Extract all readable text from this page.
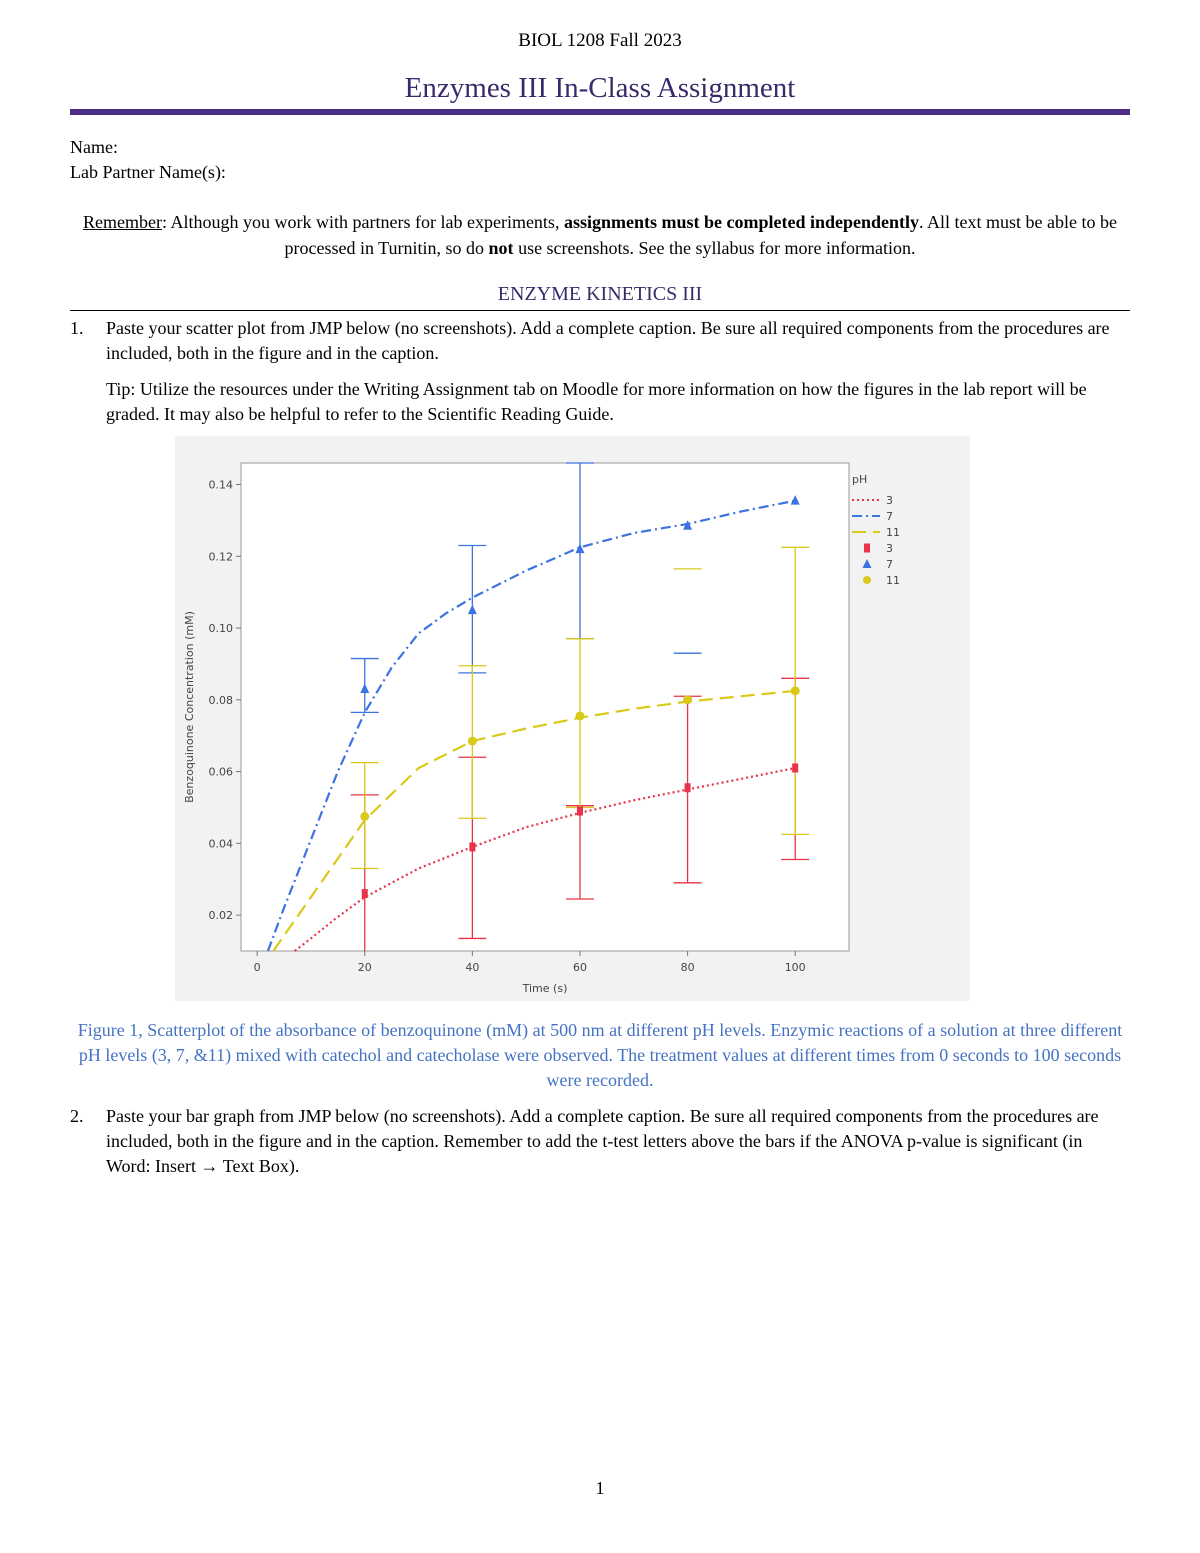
BIOL 1208 Fall 2023
Enzymes III In-Class Assignment
Name:
Lab Partner Name(s):
Remember: Although you work with partners for lab experiments, assignments must be completed independently. All text must be able to be processed in Turnitin, so do not use screenshots. See the syllabus for more information.
ENZYME KINETICS III
1. Paste your scatter plot from JMP below (no screenshots). Add a complete caption. Be sure all required components from the procedures are included, both in the figure and in the caption.
Tip: Utilize the resources under the Writing Assignment tab on Moodle for more information on how the figures in the lab report will be graded. It may also be helpful to refer to the Scientific Reading Guide.
0.02
0.04
0.06
0.08
0.10
0.12
0.14
0	20	40	60	80	100
Benzoquinone Concentration (mM)
Time (s)
pH
3
7
11
3
7
11
Figure 1, Scatterplot of the absorbance of benzoquinone (mM) at 500 nm at different pH levels. Enzymic reactions of a solution at three different pH levels (3, 7, &11) mixed with catechol and catecholase were observed. The treatment values at different times from 0 seconds to 100 seconds were recorded.
2. Paste your bar graph from JMP below (no screenshots). Add a complete caption. Be sure all required components from the procedures are included, both in the figure and in the caption. Remember to add the t-test letters above the bars if the ANOVA p-value is significant (in Word: Insert → Text Box).
1
